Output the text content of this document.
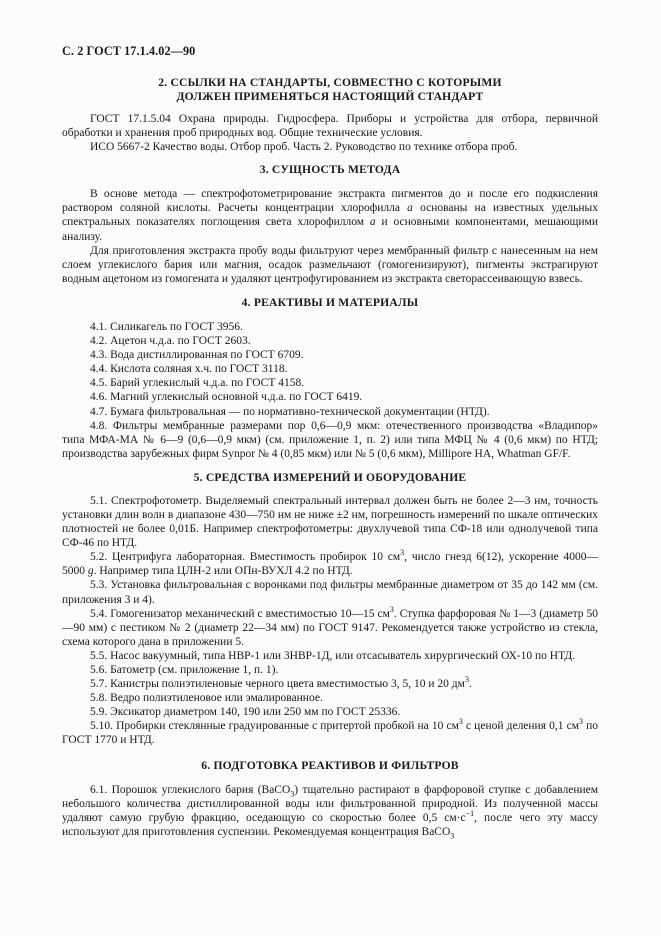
С. 2 ГОСТ 17.1.4.02—90
2. ССЫЛКИ НА СТАНДАРТЫ, СОВМЕСТНО С КОТОРЫМИ
ДОЛЖЕН ПРИМЕНЯТЬСЯ НАСТОЯЩИЙ СТАНДАРТ

ГОСТ 17.1.5.04 Охрана природы. Гидросфера. Приборы и устройства для отбора, первичной обработки и хранения проб природных вод. Общие технические условия.

ИСО 5667-2 Качество воды. Отбор проб. Часть 2. Руководство по технике отбора проб.

3. СУЩНОСТЬ МЕТОДА

В основе метода — спектрофотометрирование экстракта пигментов до и после его подкисления раствором соляной кислоты. Расчеты концентрации хлорофилла а основаны на известных удельных спектральных показателях поглощения света хлорофиллом а и основными компонентами, мешающими анализу.

Для приготовления экстракта пробу воды фильтруют через мембранный фильтр с нанесенным на нем слоем углекислого бария или магния, осадок размельчают (гомогенизируют), пигменты экстрагируют водным ацетоном из гомогената и удаляют центрофугированием из экстракта светорассеивающую взвесь.

4. РЕАКТИВЫ И МАТЕРИАЛЫ

4.1. Силикагель по ГОСТ 3956.

4.2. Ацетон ч.д.а. по ГОСТ 2603.

4.3. Вода дистиллированная по ГОСТ 6709.

4.4. Кислота соляная х.ч. по ГОСТ 3118.

4.5. Барий углекислый ч.д.а. по ГОСТ 4158.

4.6. Магний углекислый основной ч.д.а. по ГОСТ 6419.

4.7. Бумага фильтровальная — по нормативно-технической документации (НТД).

4.8. Фильтры мембранные размерами пор 0,6—0,9 мкм: отечественного производства «Владипор» типа МФА-МА № 6—9 (0,6—0,9 мкм) (см. приложение 1, п. 2) или типа МФЦ № 4 (0,6 мкм) по НТД; производства зарубежных фирм Synpor № 4 (0,85 мкм) или № 5 (0,6 мкм), Millipore HA, Whatman GF/F.

5. СРЕДСТВА ИЗМЕРЕНИЙ И ОБОРУДОВАНИЕ

5.1. Спектрофотометр. Выделяемый спектральный интервал должен быть не более 2—3 нм, точность установки длин волн в диапазоне 430—750 нм не ниже ±2 нм, погрешность измерений по шкале оптических плотностей не более 0,01Б. Например спектрофотометры: двухлучевой типа СФ-18 или однолучевой типа СФ-46 по НТД.

5.2. Центрифуга лабораторная. Вместимость пробирок 10 $см^3$, число гнезд 6(12), ускорение 4000—5000 g. Например типа ЦЛН-2 или ОПн-ВУХЛ 4.2 по НТД.

5.3. Установка фильтровальная с воронками под фильтры мембранные диаметром от 35 до 142 мм (см. приложения 3 и 4).

5.4. Гомогенизатор механический с вместимостью 10—15 $см^3$. Ступка фарфоровая № 1—3 (диаметр 50—90 мм) с пестиком № 2 (диаметр 22—34 мм) по ГОСТ 9147. Рекомендуется также устройство из стекла, схема которого дана в приложении 5.

5.5. Насос вакуумный, типа НВР-1 или 3НВР-1Д, или отсасыватель хирургический ОХ-10 по НТД.

5.6. Батометр (см. приложение 1, п. 1).

5.7. Канистры полиэтиленовые черного цвета вместимостью 3, 5, 10 и 20 $дм^3$.

5.8. Ведро полиэтиленовое или эмалированное.

5.9. Эксикатор диаметром 140, 190 или 250 мм по ГОСТ 25336.

5.10. Пробирки стеклянные градуированные с притертой пробкой на 10 $см^3$ с ценой деления 0,1 $см^3$ по ГОСТ 1770 и НТД.

6. ПОДГОТОВКА РЕАКТИВОВ И ФИЛЬТРОВ

6.1. Порошок углекислого бария (BaCO$_3$) тщательно растирают в фарфоровой ступке с добавлением небольшого количества дистиллированной воды или фильтрованной природной. Из полученной массы удаляют самую грубую фракцию, оседающую со скоростью более 0,5 $см\cdot с^{-1}$, после чего эту массу используют для приготовления суспензии. Рекомендуемая концентрация BaCO$_3$
